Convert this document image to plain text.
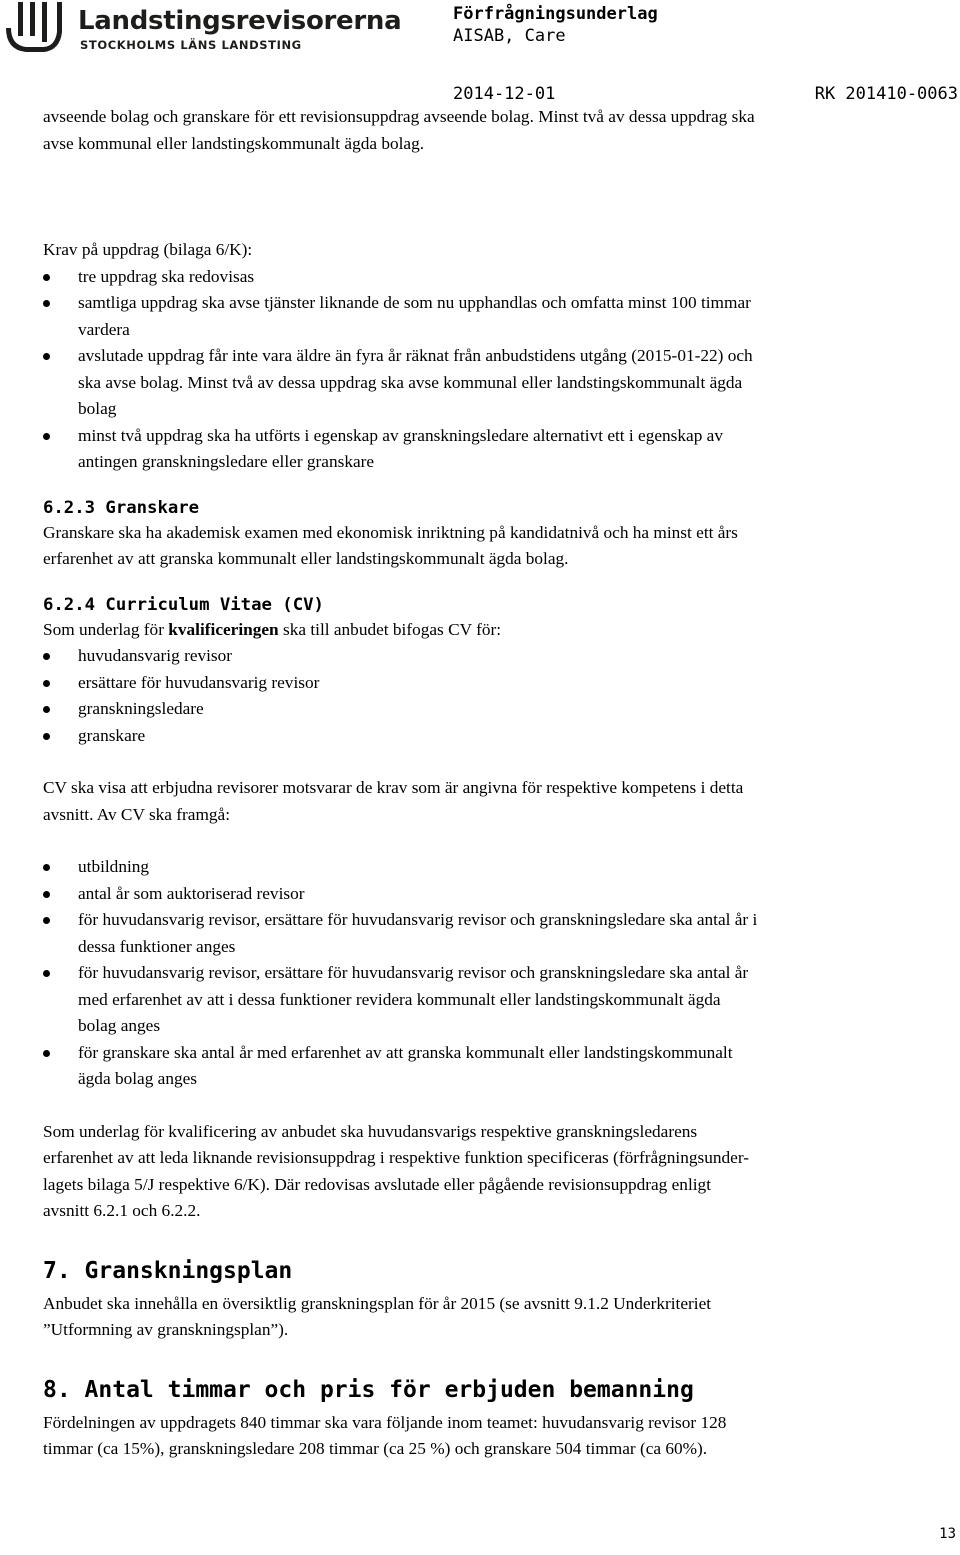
Landstingsrevisorerna
STOCKHOLMS LÄNS LANDSTING
Förfrågningsunderlag
AISAB, Care
2014-12-01	RK 201410-0063

avseende bolag och granskare för ett revisionsuppdrag avseende bolag. Minst två av dessa uppdrag ska

avse kommunal eller landstingskommunalt ägda bolag.

Krav på uppdrag (bilaga 6/K):

tre uppdrag ska redovisas
samtliga uppdrag ska avse tjänster liknande de som nu upphandlas och omfatta minst 100 timmar
vardera
avslutade uppdrag får inte vara äldre än fyra år räknat från anbudstidens utgång (2015-01-22) och
ska avse bolag. Minst två av dessa uppdrag ska avse kommunal eller landstingskommunalt ägda
bolag
minst två uppdrag ska ha utförts i egenskap av granskningsledare alternativt ett i egenskap av
antingen granskningsledare eller granskare

6.2.3 Granskare

Granskare ska ha akademisk examen med ekonomisk inriktning på kandidatnivå och ha minst ett års

erfarenhet av att granska kommunalt eller landstingskommunalt ägda bolag.

6.2.4 Curriculum Vitae (CV)

Som underlag för kvalificeringen ska till anbudet bifogas CV för:

huvudansvarig revisor
ersättare för huvudansvarig revisor
granskningsledare
granskare

CV ska visa att erbjudna revisorer motsvarar de krav som är angivna för respektive kompetens i detta

avsnitt. Av CV ska framgå:

utbildning
antal år som auktoriserad revisor
för huvudansvarig revisor, ersättare för huvudansvarig revisor och granskningsledare ska antal år i
dessa funktioner anges
för huvudansvarig revisor, ersättare för huvudansvarig revisor och granskningsledare ska antal år
med erfarenhet av att i dessa funktioner revidera kommunalt eller landstingskommunalt ägda
bolag anges
för granskare ska antal år med erfarenhet av att granska kommunalt eller landstingskommunalt
ägda bolag anges

Som underlag för kvalificering av anbudet ska huvudansvarigs respektive granskningsledarens

erfarenhet av att leda liknande revisionsuppdrag i respektive funktion specificeras (förfrågningsunder-

lagets bilaga 5/J respektive 6/K). Där redovisas avslutade eller pågående revisionsuppdrag enligt

avsnitt 6.2.1 och 6.2.2.

7. Granskningsplan

Anbudet ska innehålla en översiktlig granskningsplan för år 2015 (se avsnitt 9.1.2 Underkriteriet

”Utformning av granskningsplan”).

8. Antal timmar och pris för erbjuden bemanning

Fördelningen av uppdragets 840 timmar ska vara följande inom teamet: huvudansvarig revisor 128

timmar (ca 15%), granskningsledare 208 timmar (ca 25 %) och granskare 504 timmar (ca 60%).

13
